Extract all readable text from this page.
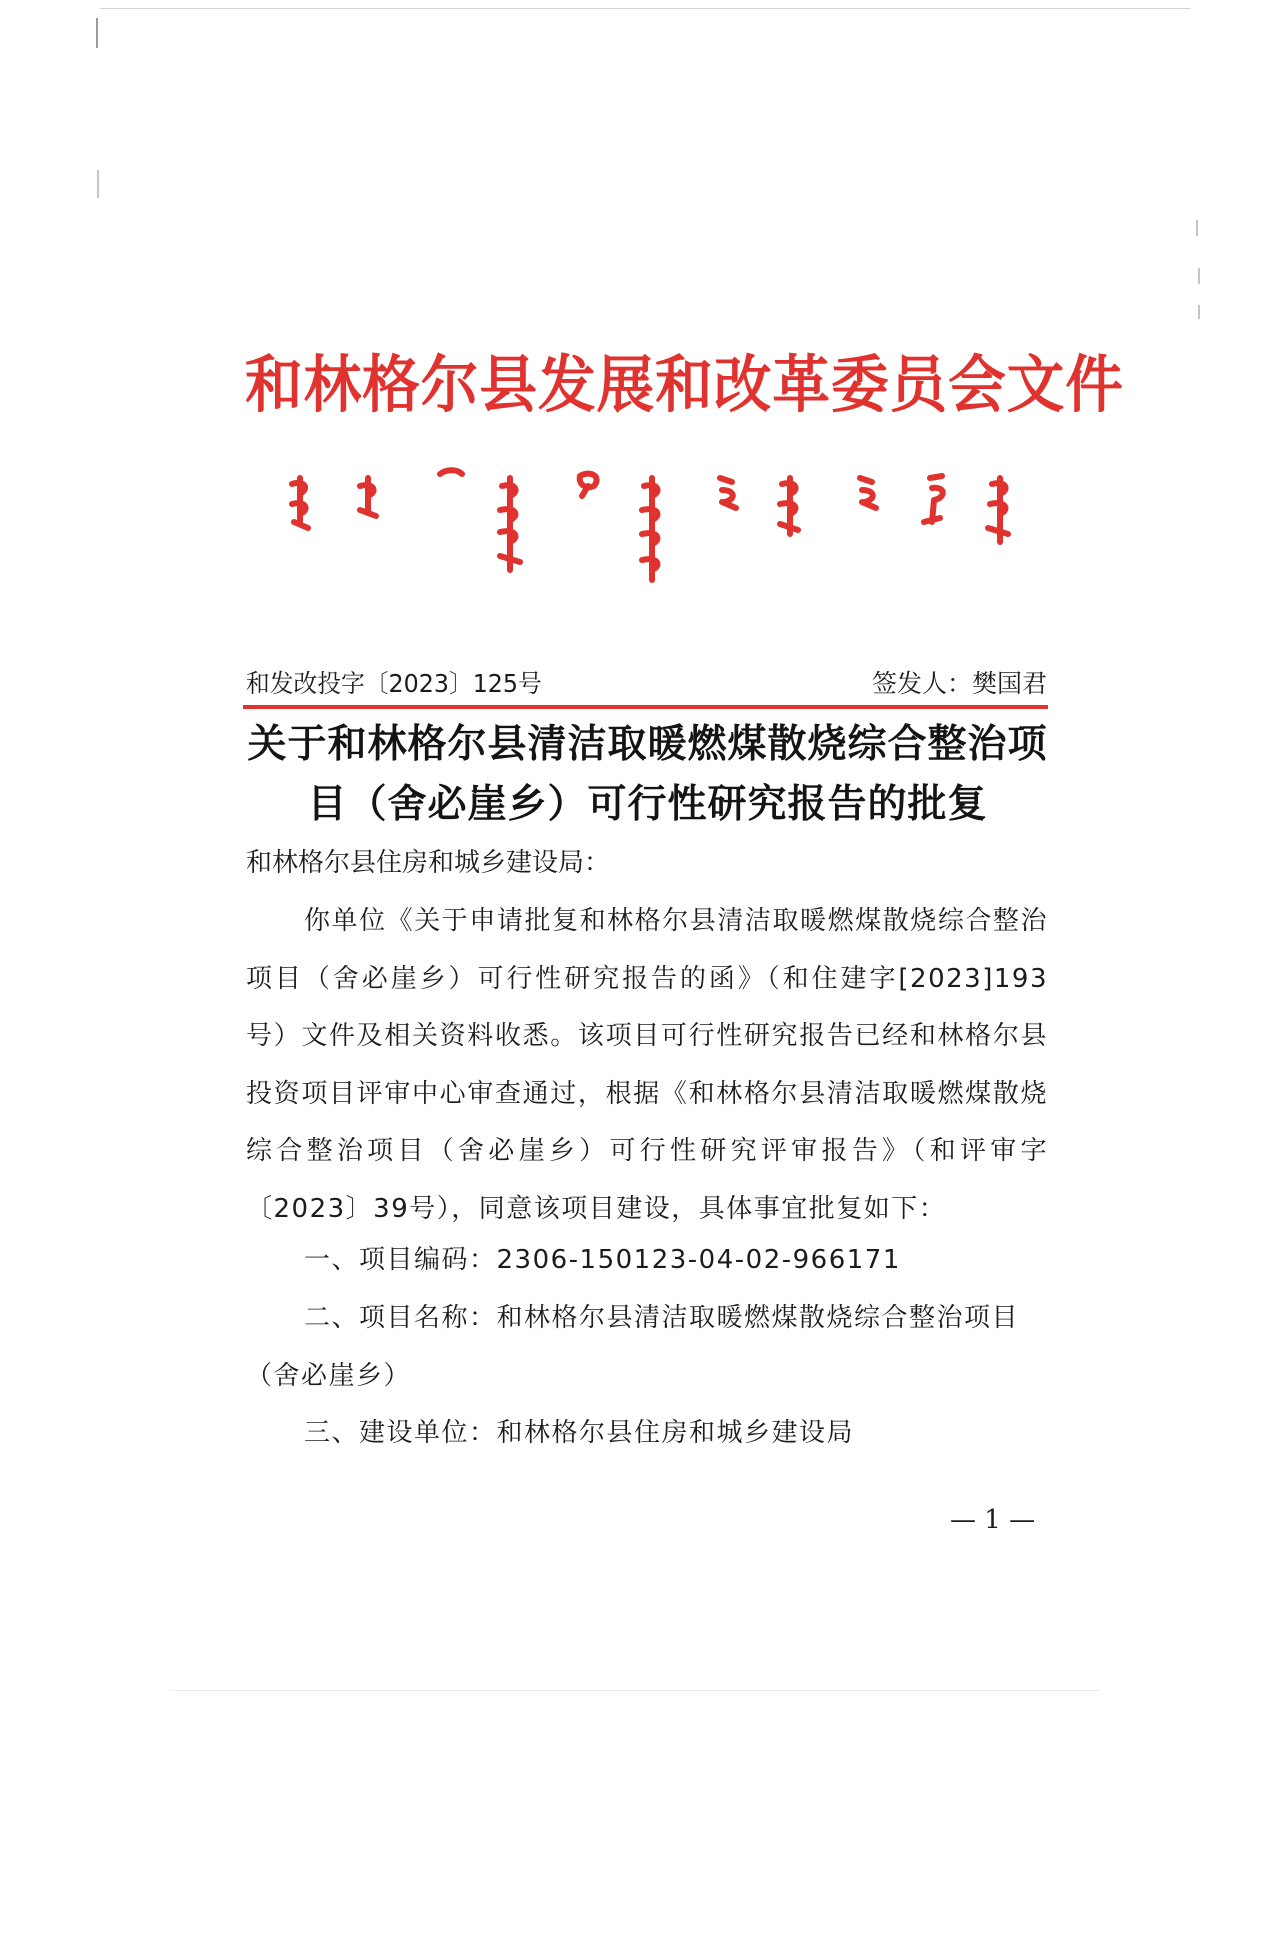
和林格尔县发展和改革委员会文件
和发改投字〔2023〕125号	签发人：樊国君
关于和林格尔县清洁取暖燃煤散烧综合整治项
目（舍必崖乡）可行性研究报告的批复
和林格尔县住房和城乡建设局：
你单位《关于申请批复和林格尔县清洁取暖燃煤散烧综合整治项目（舍必崖乡）可行性研究报告的函》（和住建字[2023]193号）文件及相关资料收悉。该项目可行性研究报告已经和林格尔县投资项目评审中心审查通过，根据《和林格尔县清洁取暖燃煤散烧综合整治项目（舍必崖乡）可行性研究评审报告》（和评审字〔2023〕39号），同意该项目建设，具体事宜批复如下：
一、项目编码：2306-150123-04-02-966171
二、项目名称：和林格尔县清洁取暖燃煤散烧综合整治项目（舍必崖乡）
三、建设单位：和林格尔县住房和城乡建设局
— 1 —
